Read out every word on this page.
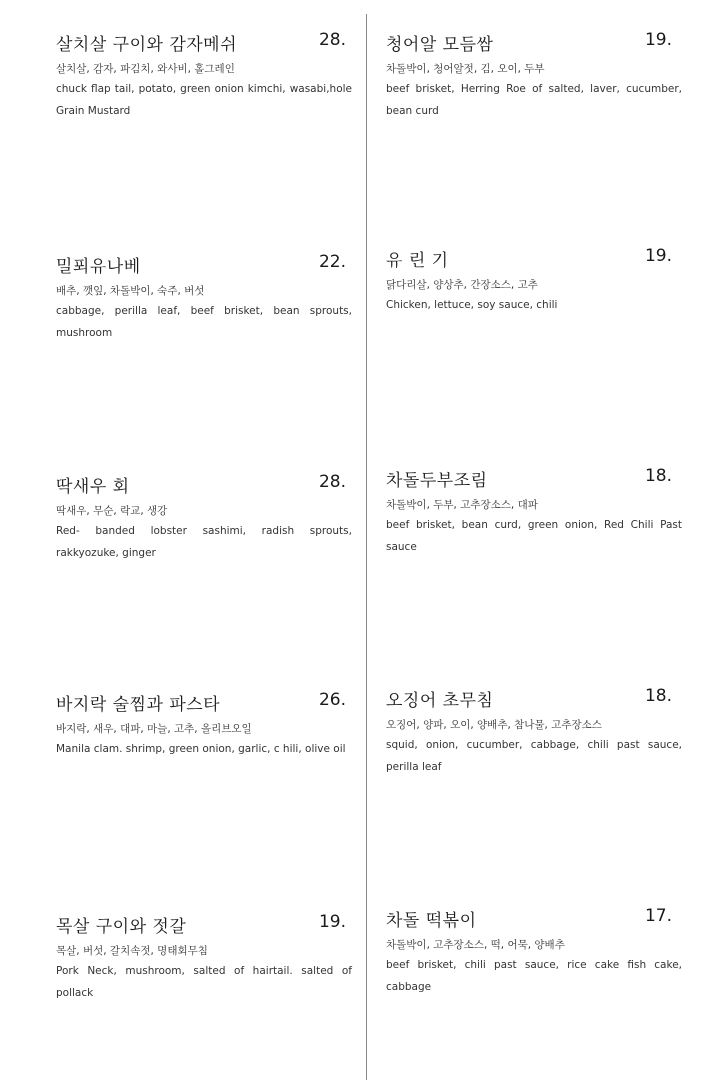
살치살 구이와 감자메쉬	28.
살치살, 감자, 파김치, 와사비, 홀그레인
chuck flap tail, potato, green onion kimchi, wasabi,hole Grain Mustard
밀푀유나베	22.
배추, 깻잎, 차돌박이, 숙주, 버섯
cabbage, perilla leaf, beef brisket, bean sprouts, mushroom
딱새우 회	28.
딱새우, 무순, 락교, 생강
Red- banded lobster sashimi, radish sprouts, rakkyozuke, ginger
바지락 술찜과 파스타	26.
바지락, 새우, 대파, 마늘, 고추, 올리브오일
Manila clam. shrimp, green onion, garlic, c hili, olive oil
목살 구이와 젓갈	19.
목살, 버섯, 갈치속젓, 명태회무침
Pork Neck, mushroom, salted of hairtail. salted of pollack
청어알 모듬쌈	19.
차돌박이, 청어알젓, 김, 오이, 두부
beef brisket, Herring Roe of salted, laver, cucumber, bean curd
유 린 기	19.
닭다리살, 양상추, 간장소스, 고추
Chicken, lettuce, soy sauce, chili
차돌두부조림	18.
차돌박이, 두부, 고추장소스, 대파
beef brisket, bean curd, green onion, Red Chili Past sauce
오징어 초무침	18.
오징어, 양파, 오이, 양배추, 참나물, 고추장소스
squid, onion, cucumber, cabbage, chili past sauce, perilla leaf
차돌 떡볶이	17.
차돌박이, 고추장소스, 떡, 어묵, 양배추
beef brisket, chili past sauce, rice cake fish cake, cabbage
